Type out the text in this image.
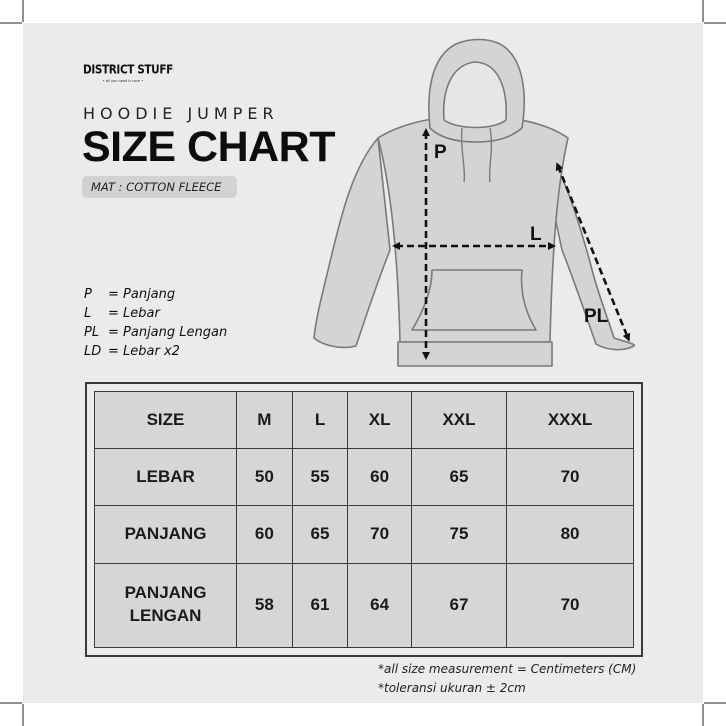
DISTRICT STUFF
• all you need is here •
HOODIE JUMPER
SIZE CHART
MAT : COTTON FLEECE
P	= Panjang
L	= Lebar
PL = Panjang Lengan
LD = Lebar x2
P
L
PL
SIZE	M	L	XL	XXL	XXXL
LEBAR	50	55	60	65	70
PANJANG	60	65	70	75	80
PANJANG
LENGAN	58	61	64	67	70
*all size measurement = Centimeters (CM)
*toleransi ukuran ± 2cm
